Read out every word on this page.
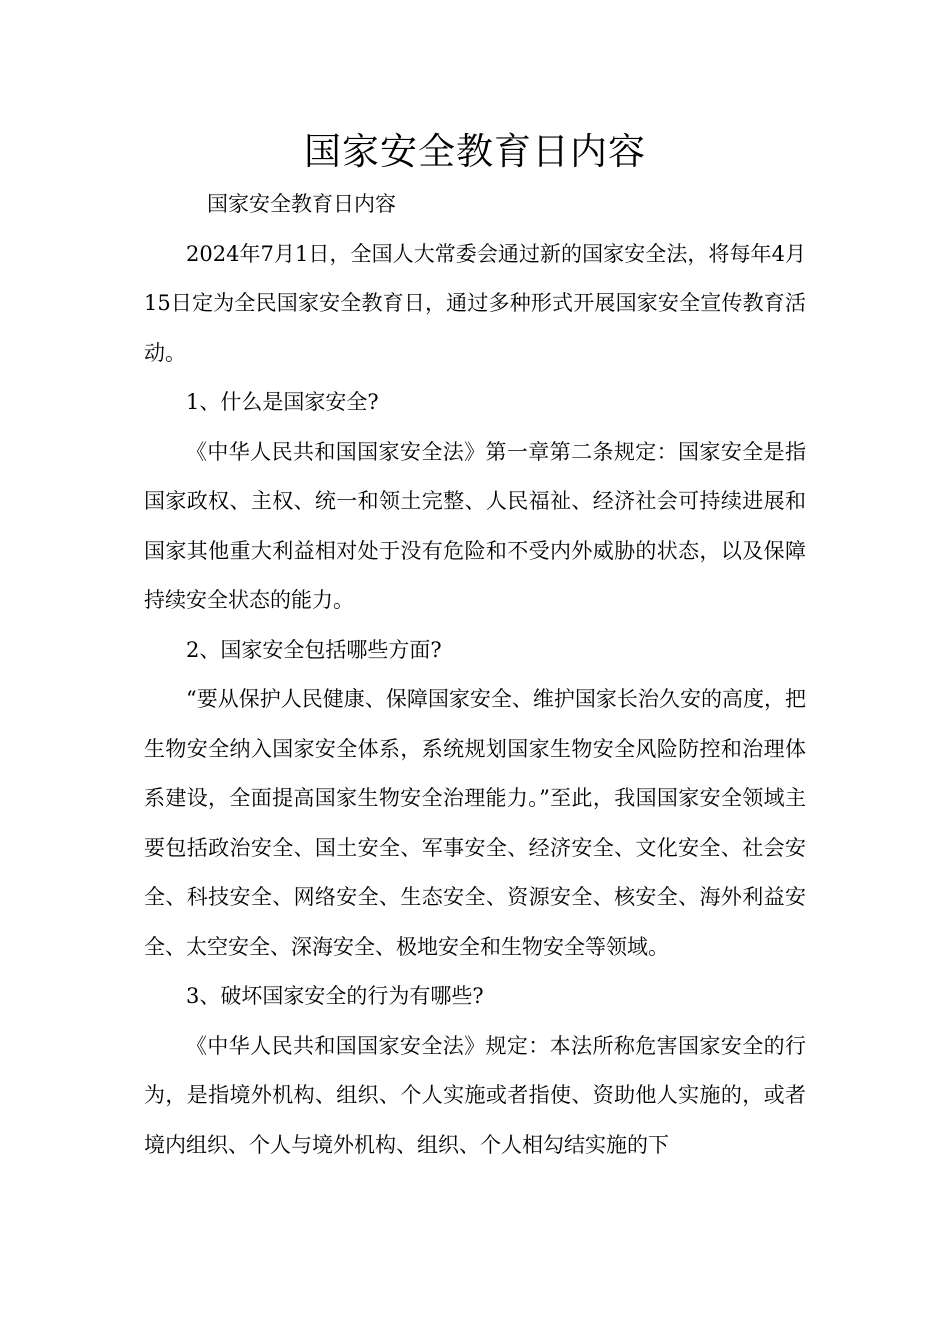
国家安全教育日内容

国家安全教育日内容

2024年7月1日，全国人大常委会通过新的国家安全法，将每年4月15日定为全民国家安全教育日，通过多种形式开展国家安全宣传教育活动。

1、什么是国家安全?

《中华人民共和国国家安全法》第一章第二条规定：国家安全是指国家政权、主权、统一和领土完整、人民福祉、经济社会可持续进展和国家其他重大利益相对处于没有危险和不受内外威胁的状态，以及保障持续安全状态的能力。

2、国家安全包括哪些方面?

“要从保护人民健康、保障国家安全、维护国家长治久安的高度，把生物安全纳入国家安全体系，系统规划国家生物安全风险防控和治理体系建设，全面提高国家生物安全治理能力。”至此，我国国家安全领域主要包括政治安全、国土安全、军事安全、经济安全、文化安全、社会安全、科技安全、网络安全、生态安全、资源安全、核安全、海外利益安全、太空安全、深海安全、极地安全和生物安全等领域。

3、破坏国家安全的行为有哪些?

《中华人民共和国国家安全法》规定：本法所称危害国家安全的行为，是指境外机构、组织、个人实施或者指使、资助他人实施的，或者境内组织、个人与境外机构、组织、个人相勾结实施的下
